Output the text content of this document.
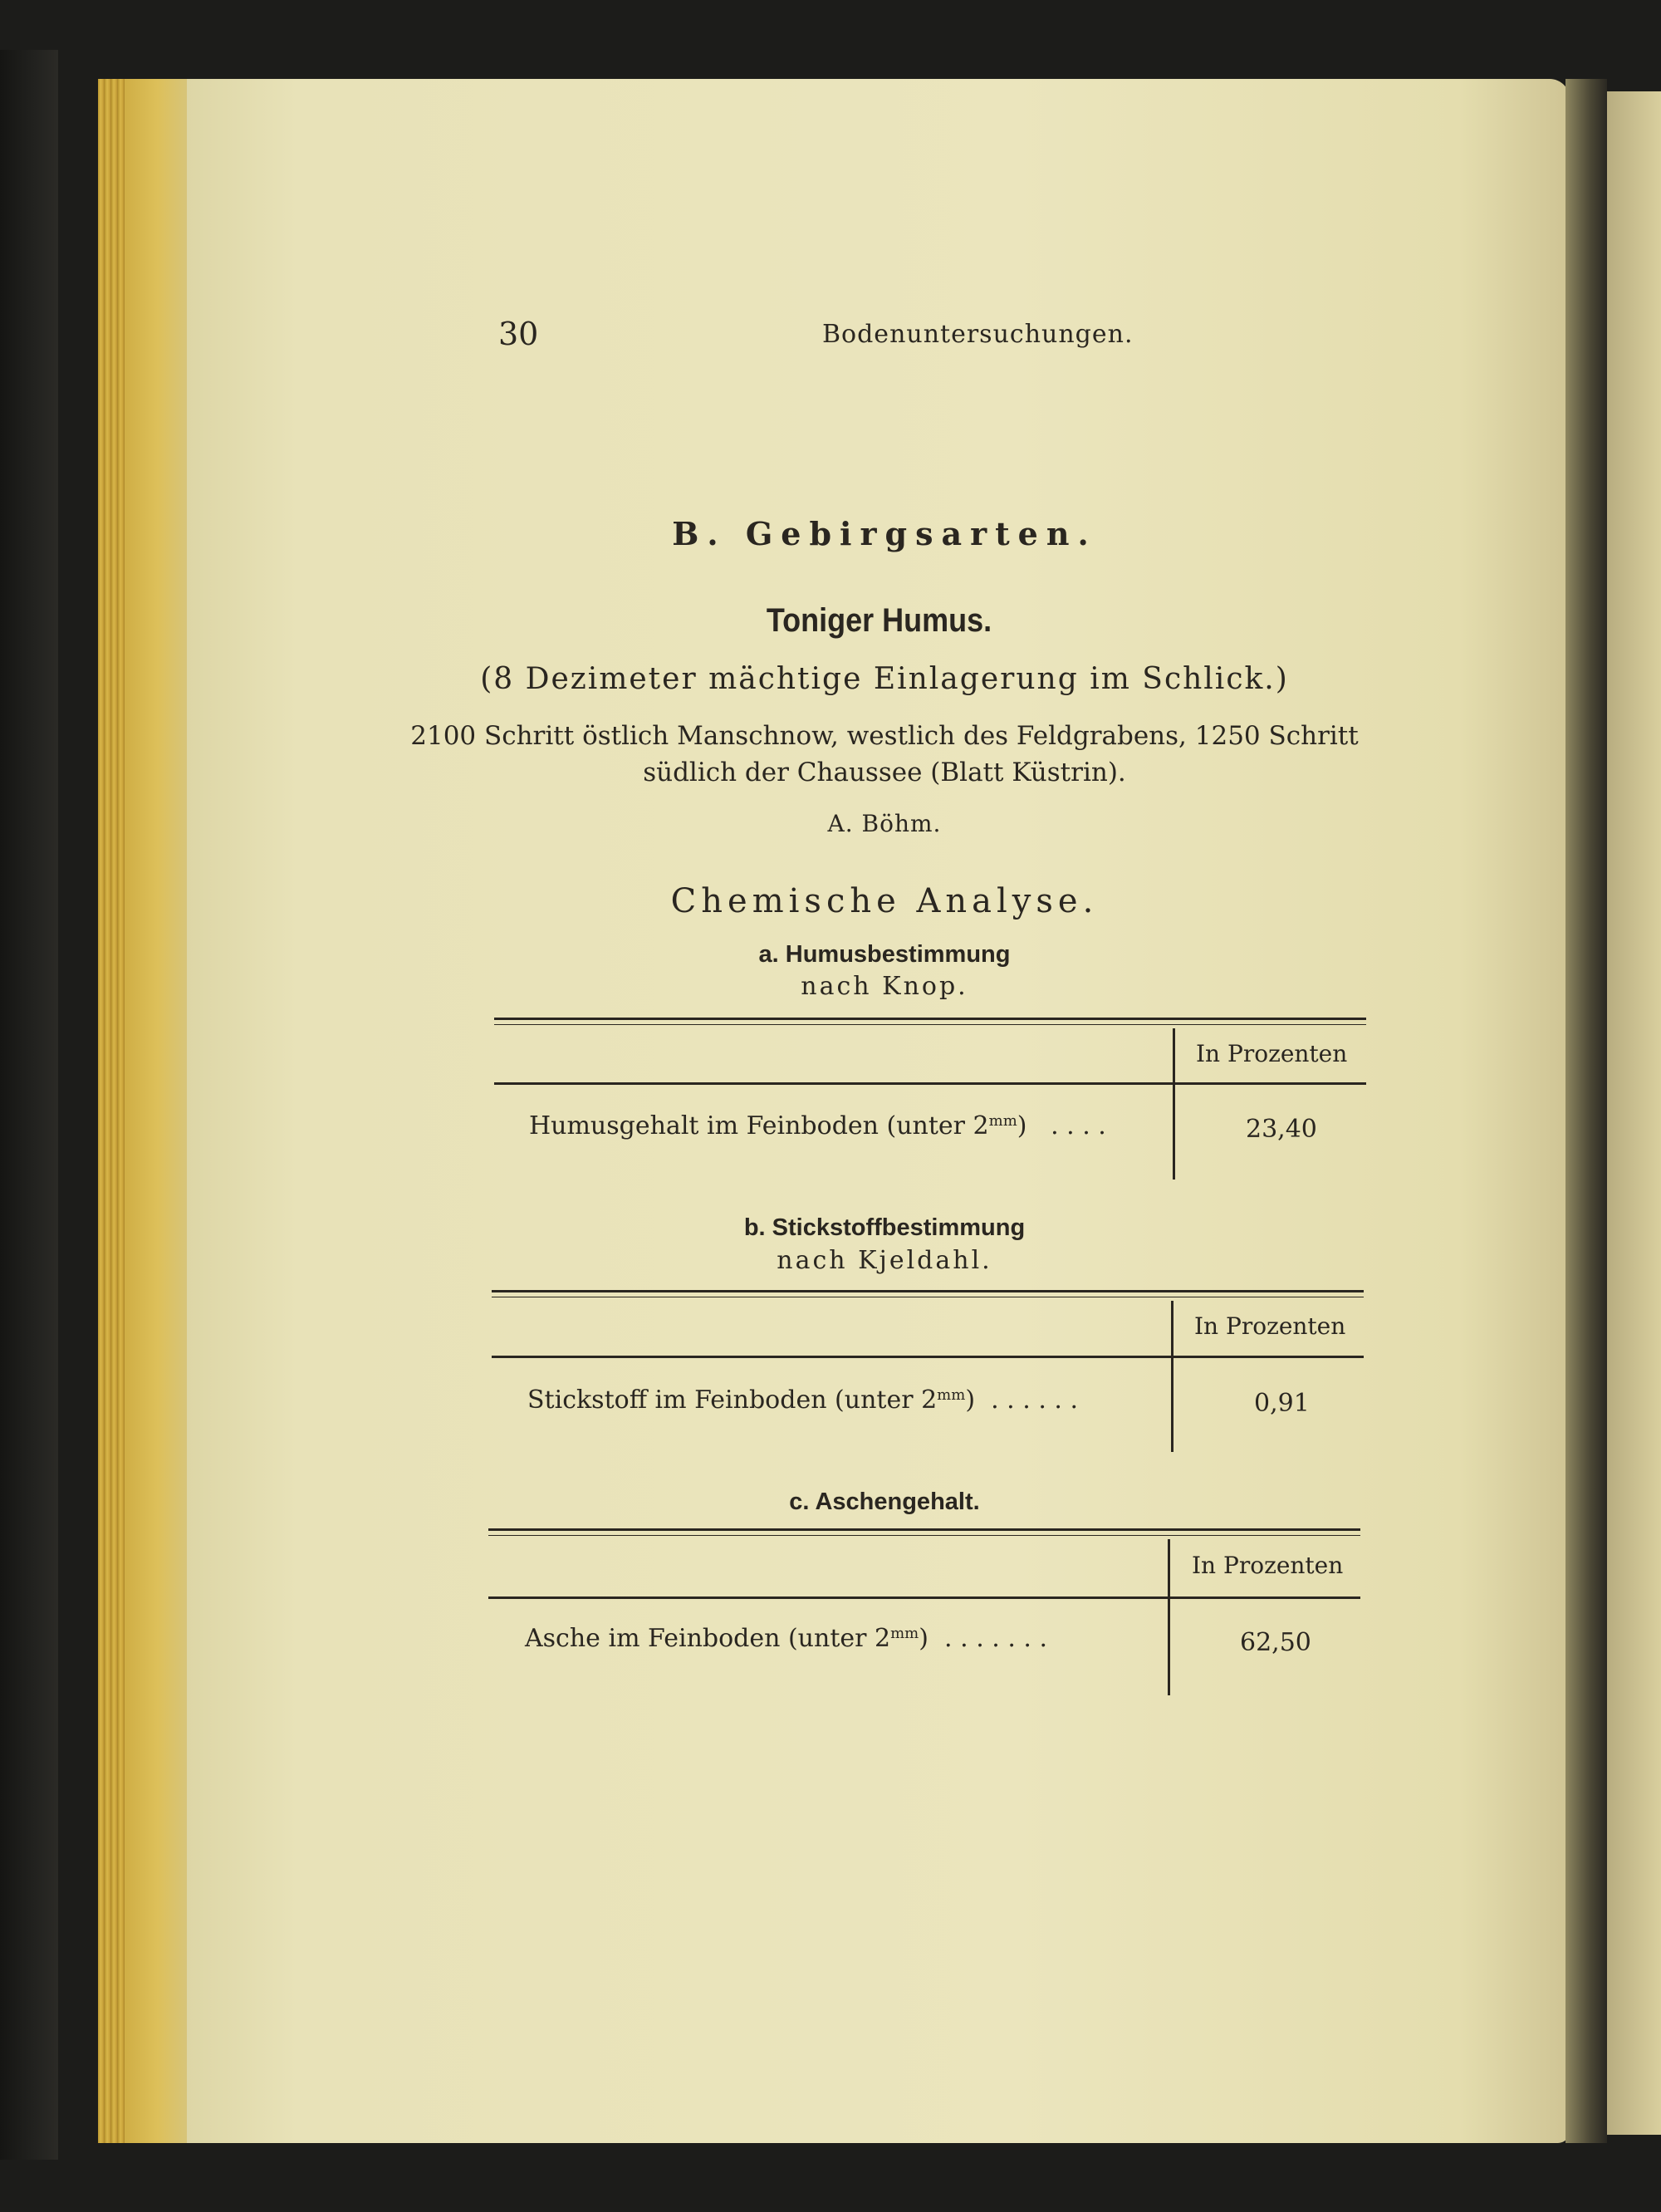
30	Bodenuntersuchungen.
B. Gebirgsarten.
Toniger Humus.
(8 Dezimeter mächtige Einlagerung im Schlick.)
2100 Schritt östlich Manschnow, westlich des Feldgrabens, 1250 Schritt
südlich der Chaussee (Blatt Küstrin).
A. Böhm.
Chemische Analyse.
a. Humusbestimmung
nach Knop.
In Prozenten
Humusgehalt im Feinboden (unter $2^{mm}$) . . . .	23,40
b. Stickstoffbestimmung
nach Kjeldahl.
In Prozenten
Stickstoff im Feinboden (unter $2^{mm}$) . . . . . .	0,91
c. Aschengehalt.
In Prozenten
Asche im Feinboden (unter $2^{mm}$) . . . . . . .	62,50
